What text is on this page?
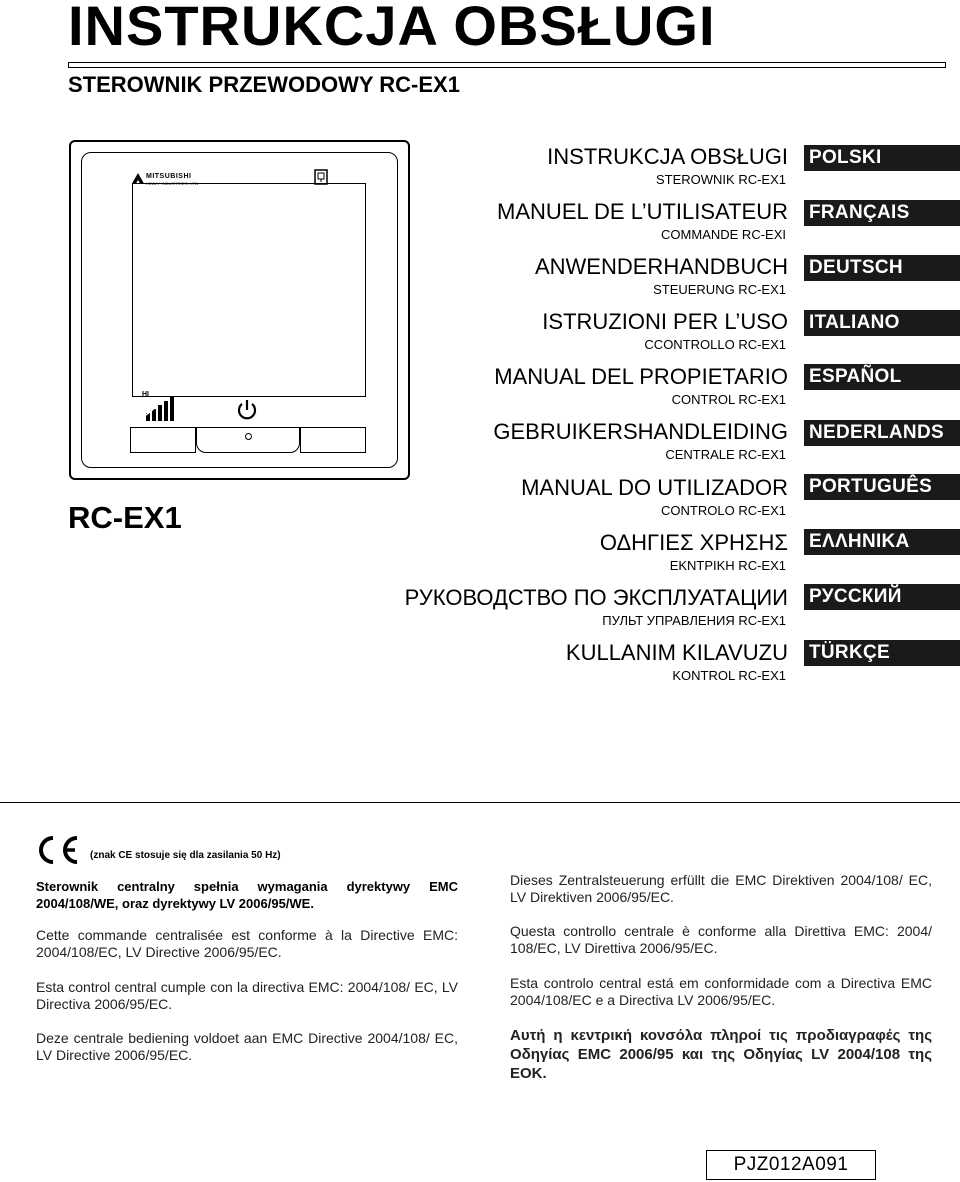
INSTRUKCJA OBSŁUGI
STEROWNIK PRZEWODOWY RC-EX1
MITSUBISHI
HEAVY INDUSTRIES, LTD.
HI
RC-EX1
INSTRUKCJA OBSŁUGI
STEROWNIK RC-EX1
POLSKI
MANUEL DE L’UTILISATEUR
COMMANDE RC-EXI
FRANÇAIS
ANWENDERHANDBUCH
STEUERUNG RC-EX1
DEUTSCH
ISTRUZIONI PER L’USO
CCONTROLLO RC-EX1
ITALIANO
MANUAL DEL PROPIETARIO
CONTROL RC-EX1
ESPAÑOL
GEBRUIKERSHANDLEIDING
CENTRALE RC-EX1
NEDERLANDS
MANUAL DO UTILIZADOR
CONTROLO RC-EX1
PORTUGUÊS
ΟΔΗΓΙΕΣ ΧΡΗΣΗΣ
ΕΚΝΤΡΙΚΗ RC-EX1
ΕΛΛΗΝΙΚΑ
РУКОВОДСТВО ПО ЭКСПЛУАТАЦИИ
ПУЛЬТ УПРАВЛЕНИЯ RC-EX1
РУССКИЙ
KULLANIM KILAVUZU
KONTROL RC-EX1
TÜRKÇE
(znak CE stosuje się dla zasilania 50 Hz)
Sterownik centralny spełnia wymagania dyrektywy EMC 2004/108/WE, oraz dyrektywy LV 2006/95/WE.
Cette commande centralisée est conforme à la Directive EMC: 2004/108/EC, LV Directive 2006/95/EC.
Esta control central cumple con la directiva EMC: 2004/108/ EC, LV Directiva 2006/95/EC.
Deze centrale bediening voldoet aan EMC Directive 2004/108/ EC, LV Directive 2006/95/EC.
Dieses Zentralsteuerung erfüllt die EMC Direktiven 2004/108/ EC, LV Direktiven 2006/95/EC.
Questa controllo centrale è conforme alla Direttiva EMC: 2004/ 108/EC, LV Direttiva 2006/95/EC.
Esta controlo central está em conformidade com a Directiva EMC 2004/108/EC e a Directiva LV 2006/95/EC.
Αυτή η κεντρική κονσόλα πληροί τις προδιαγραφές της Οδηγίας EMC 2006/95 και της Οδηγίας LV 2004/108 της ΕΟΚ.
PJZ012A091
